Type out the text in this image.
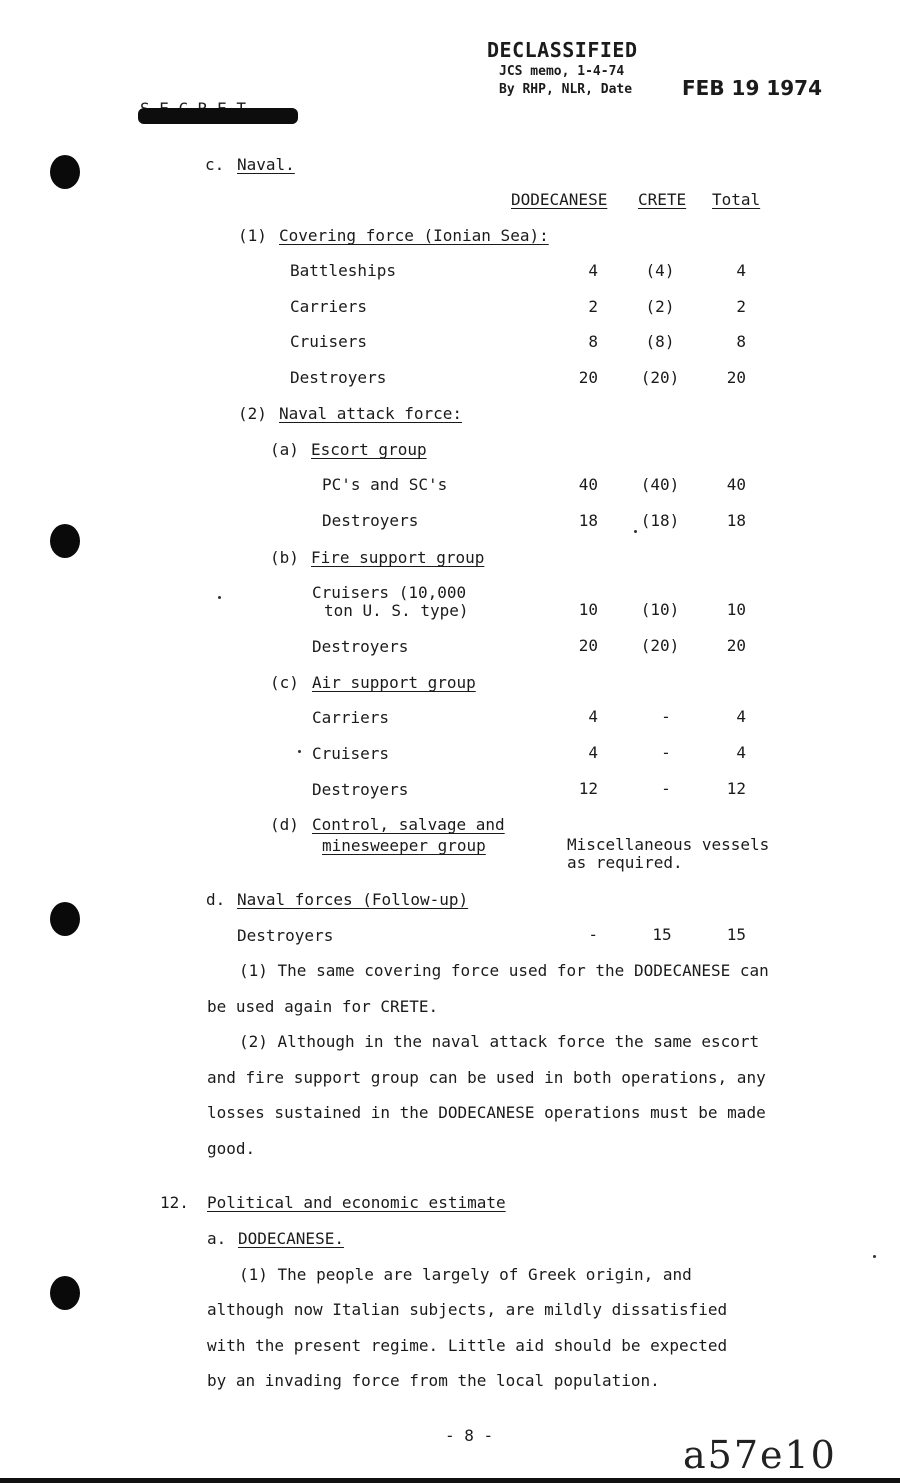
DECLASSIFIED
JCS memo, 1-4-74
By RHP, NLR, Date FEB 19 1974
c. Naval.
DODECANESE CRETE Total
(1) Covering force (Ionian Sea):
Battleships	4	(4)	4
Carriers	2	(2)	2
Cruisers	8	(8)	8
Destroyers	20	(20)	20
(2) Naval attack force:
(a) Escort group
PC's and SC's	40	(40)	40
Destroyers	18	(18)	18
(b) Fire support group
Cruisers (10,000
ton U. S. type)	10	(10)	10
Destroyers	20	(20)	20
(c) Air support group
Carriers	4	-	4
Cruisers	4	-	4
Destroyers	12	-	12
(d) Control, salvage and
minesweeper group	Miscellaneous vessels
as required.
d. Naval forces (Follow-up)
Destroyers	-	15	15
(1) The same covering force used for the DODECANESE can
be used again for CRETE.
(2) Although in the naval attack force the same escort
and fire support group can be used in both operations, any
losses sustained in the DODECANESE operations must be made
good.
12. Political and economic estimate
a. DODECANESE.
(1) The people are largely of Greek origin, and
although now Italian subjects, are mildly dissatisfied
with the present regime. Little aid should be expected
by an invading force from the local population.
- 8 -	a57e10
